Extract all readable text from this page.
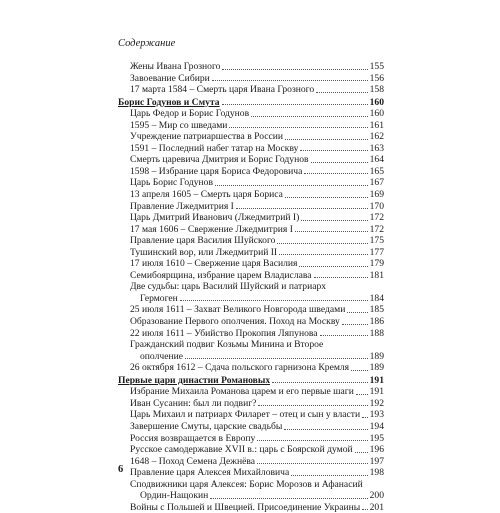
Содержание
Жены Ивана Грозного	155
Завоевание Сибири	156
17 марта 1584 – Смерть царя Ивана Грозного	158
Борис Годунов и Смута	160
Царь Федор и Борис Годунов	160
1595 – Мир со шведами	161
Учреждение патриаршества в России	162
1591 – Последний набег татар на Москву	163
Смерть царевича Дмитрия и Борис Годунов	164
1598 – Избрание царя Бориса Федоровича	165
Царь Борис Годунов	167
13 апреля 1605 – Смерть царя Бориса	169
Правление Лжедмитрия I	170
Царь Дмитрий Иванович (Лжедмитрий I)	172
17 мая 1606 – Свержение Лжедмитрия I	172
Правление царя Василия Шуйского	175
Тушинский вор, или Лжедмитрий II	177
17 июля 1610 – Свержение царя Василия	179
Семибоярщина, избрание царем Владислава	181
Две судьбы: царь Василий Шуйский и патриарх
Гермоген	184
25 июля 1611 – Захват Великого Новгорода шведами	185
Образование Первого ополчения. Поход на Москву	186
22 июля 1611 – Убийство Прокопия Ляпунова	188
Гражданский подвиг Козьмы Минина и Второе
ополчение	189
26 октября 1612 – Сдача польского гарнизона Кремля 189
Первые цари династии Романовых	191
Избрание Михаила Романова царем и его первые шаги 191
Иван Сусанин: был ли подвиг?	192
Царь Михаил и патриарх Филарет – отец и сын у власти 193
Завершение Смуты, царские свадьбы	194
Россия возвращается в Европу	195
Русское самодержавие XVII в.: царь с Боярской думой 196
1648 – Поход Семена Дежнёва	197
Правление царя Алексея Михайловича	198
Сподвижники царя Алексея: Борис Морозов и Афанасий
Ордин-Нащокин	200
Войны с Польшей и Швецией. Присоединение Украины 201
6
